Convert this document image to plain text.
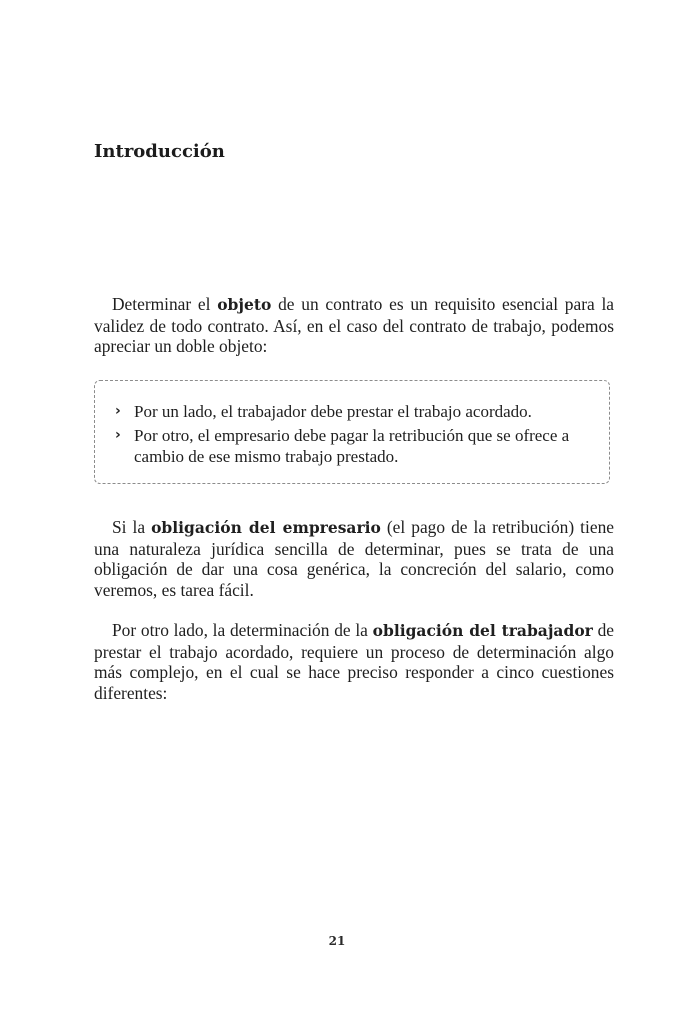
Introducción

Determinar el objeto de un contrato es un requisito esencial para la validez de todo contrato. Así, en el caso del contrato de trabajo, podemos apreciar un doble objeto:

› Por un lado, el trabajador debe prestar el trabajo acordado.
› Por otro, el empresario debe pagar la retribución que se ofrece a cambio de ese mismo trabajo prestado.

Si la obligación del empresario (el pago de la retribución) tiene una naturaleza jurídica sencilla de determinar, pues se trata de una obligación de dar una cosa genérica, la concreción del salario, como veremos, es tarea fácil.

Por otro lado, la determinación de la obligación del trabajador de prestar el trabajo acordado, requiere un proceso de determinación algo más complejo, en el cual se hace preciso responder a cinco cuestiones diferentes:

21
